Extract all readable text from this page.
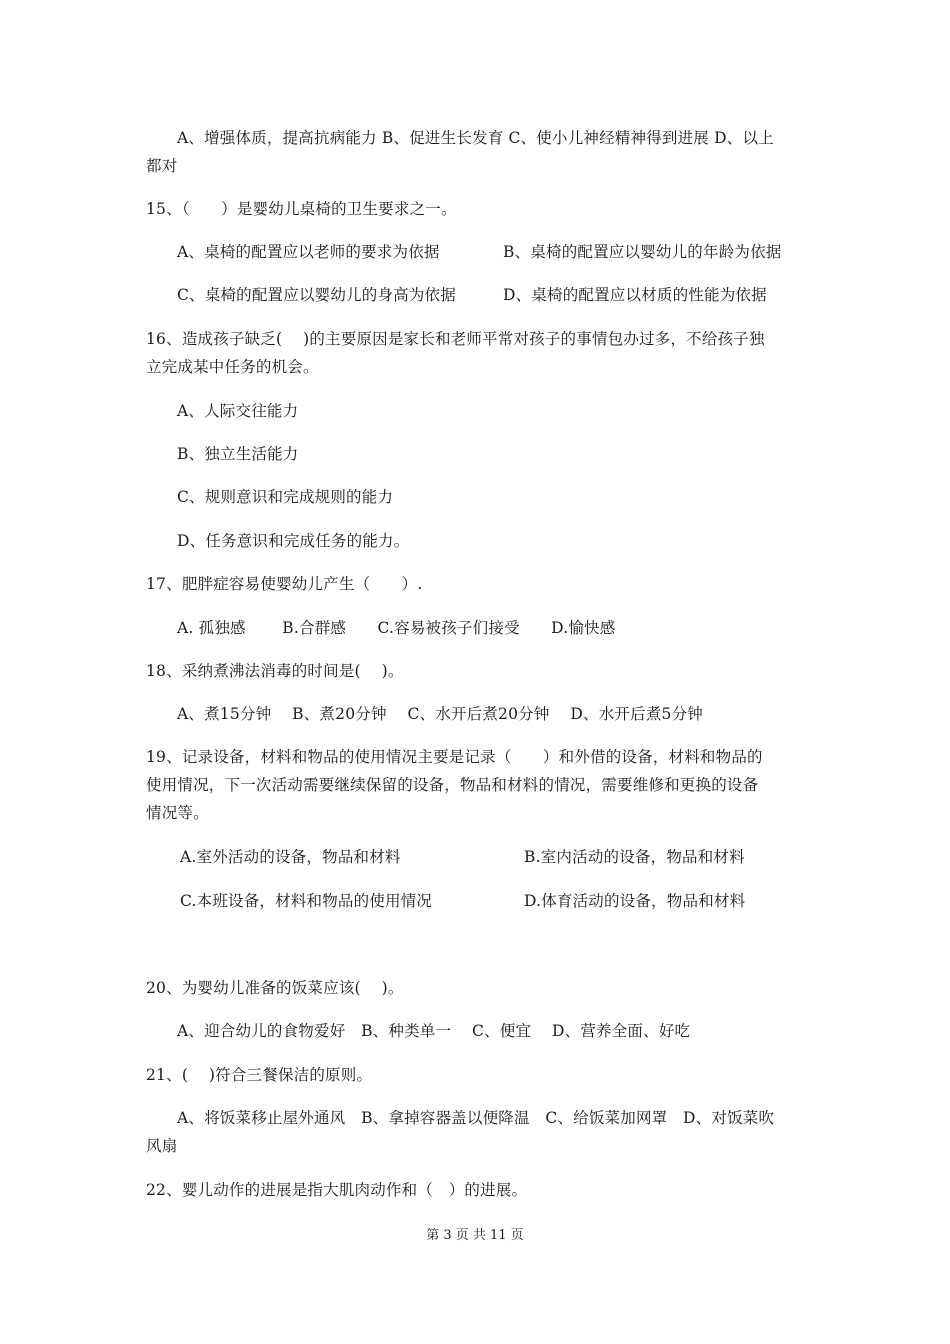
A、增强体质，提高抗病能力 B、促进生长发育 C、使小儿神经精神得到进展 D、以上
都对
15、（　　）是婴幼儿桌椅的卫生要求之一。
A、桌椅的配置应以老师的要求为依据	B、桌椅的配置应以婴幼儿的年龄为依据
C、桌椅的配置应以婴幼儿的身高为依据	D、桌椅的配置应以材质的性能为依据
16、造成孩子缺乏(　 )的主要原因是家长和老师平常对孩子的事情包办过多，不给孩子独
立完成某中任务的机会。
A、人际交往能力
B、独立生活能力
C、规则意识和完成规则的能力
D、任务意识和完成任务的能力。
17、肥胖症容易使婴幼儿产生（　　）.
A. 孤独感　　 B.合群感　　C.容易被孩子们接受　　D.愉快感
18、采纳煮沸法消毒的时间是(　 )。
A、煮15分钟　 B、煮20分钟　 C、水开后煮20分钟　 D、水开后煮5分钟
19、记录设备，材料和物品的使用情况主要是记录（　　）和外借的设备，材料和物品的
使用情况，下一次活动需要继续保留的设备，物品和材料的情况，需要维修和更换的设备
情况等。
A.室外活动的设备，物品和材料	B.室内活动的设备，物品和材料
C.本班设备，材料和物品的使用情况	D.体育活动的设备，物品和材料
20、为婴幼儿准备的饭菜应该(　 )。
A、迎合幼儿的食物爱好　B、种类单一　 C、便宜　 D、营养全面、好吃
21、(　 )符合三餐保洁的原则。
A、将饭菜移止屋外通风　B、拿掉容器盖以便降温　C、给饭菜加网罩　D、对饭菜吹
风扇
22、婴儿动作的进展是指大肌肉动作和（　）的进展。
第 3 页 共 11 页
